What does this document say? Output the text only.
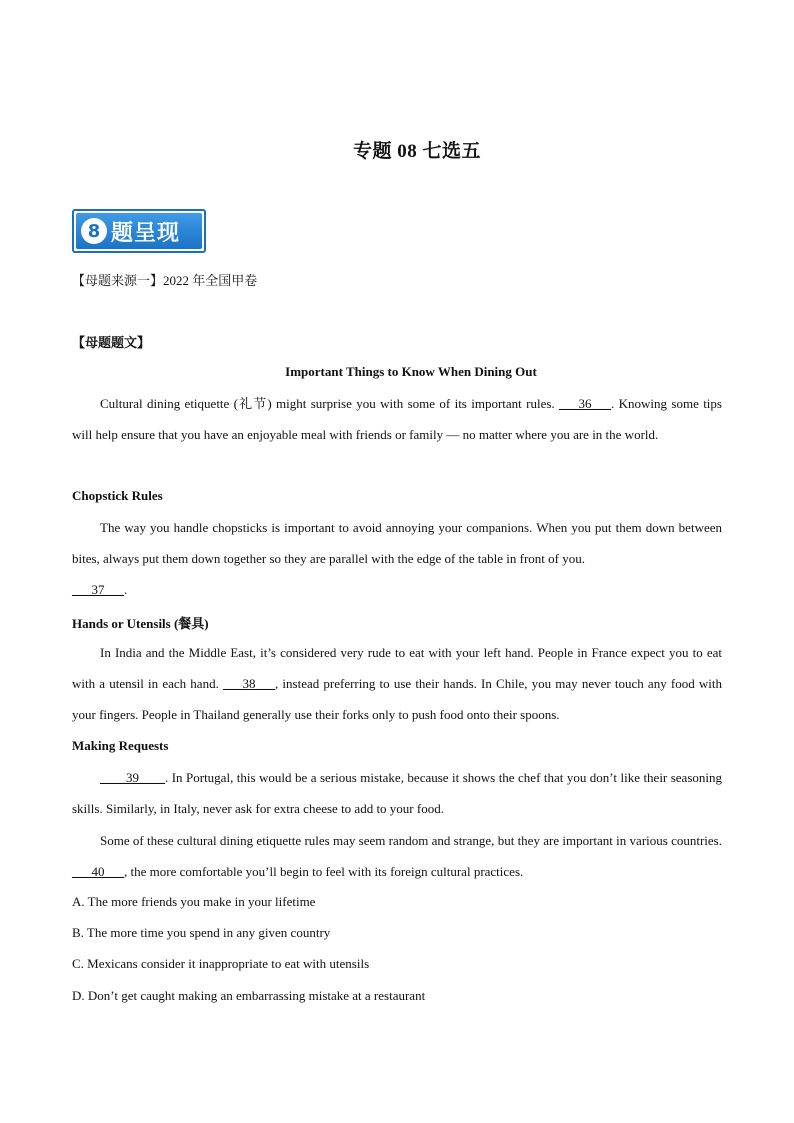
专题 08 七选五
8 题呈现
【母题来源一】2022 年全国甲卷
【母题题文】
Important Things to Know When Dining Out
Cultural dining etiquette (礼节) might surprise you with some of its important rules. ___36___. Knowing some tips will help ensure that you have an enjoyable meal with friends or family — no matter where you are in the world.
Chopstick Rules
The way you handle chopsticks is important to avoid annoying your companions. When you put them down between bites, always put them down together so they are parallel with the edge of the table in front of you.
___37___.
Hands or Utensils (餐具)
In India and the Middle East, it’s considered very rude to eat with your left hand. People in France expect you to eat with a utensil in each hand. ___38___, instead preferring to use their hands. In Chile, you may never touch any food with your fingers. People in Thailand generally use their forks only to push food onto their spoons.
Making Requests
____39____. In Portugal, this would be a serious mistake, because it shows the chef that you don’t like their seasoning skills. Similarly, in Italy, never ask for extra cheese to add to your food.
Some of these cultural dining etiquette rules may seem random and strange, but they are important in various countries. ___40___, the more comfortable you’ll begin to feel with its foreign cultural practices.
A. The more friends you make in your lifetime
B. The more time you spend in any given country
C. Mexicans consider it inappropriate to eat with utensils
D. Don’t get caught making an embarrassing mistake at a restaurant
